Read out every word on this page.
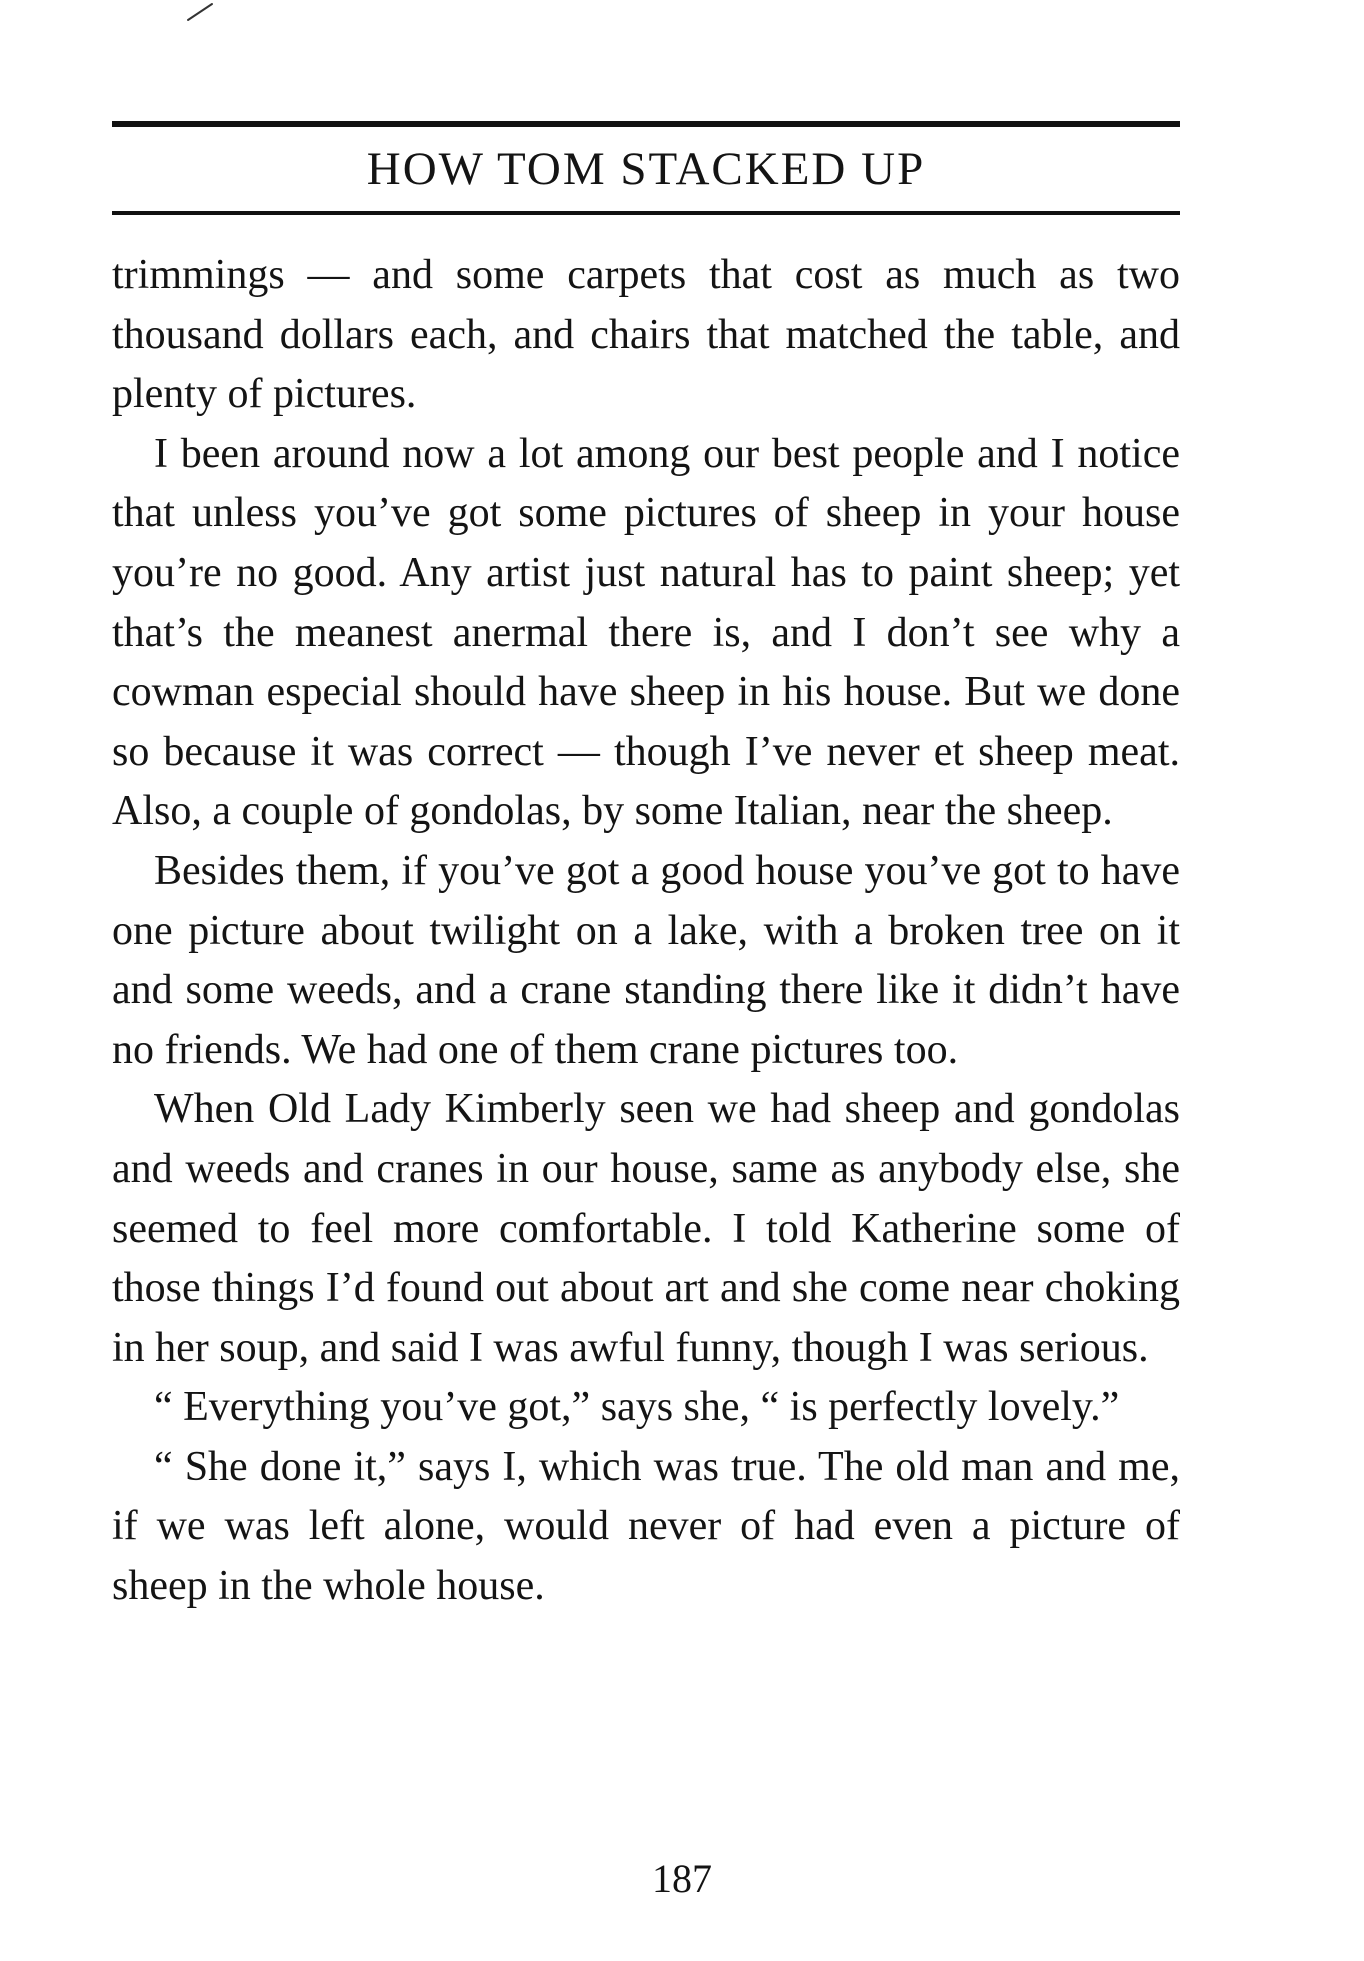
HOW TOM STACKED UP

trimmings — and some carpets that cost as much as two thousand dollars each, and chairs that matched the table, and plenty of pictures.

I been around now a lot among our best people and I notice that unless you’ve got some pictures of sheep in your house you’re no good. Any artist just natural has to paint sheep; yet that’s the meanest anermal there is, and I don’t see why a cowman especial should have sheep in his house. But we done so because it was correct — though I’ve never et sheep meat. Also, a couple of gondolas, by some Italian, near the sheep.

Besides them, if you’ve got a good house you’ve got to have one picture about twilight on a lake, with a broken tree on it and some weeds, and a crane standing there like it didn’t have no friends. We had one of them crane pictures too.

When Old Lady Kimberly seen we had sheep and gondolas and weeds and cranes in our house, same as anybody else, she seemed to feel more comfortable. I told Katherine some of those things I’d found out about art and she come near choking in her soup, and said I was awful funny, though I was serious.

“ Everything you’ve got,” says she, “ is perfectly lovely.”

“ She done it,” says I, which was true. The old man and me, if we was left alone, would never of had even a picture of sheep in the whole house.

187
